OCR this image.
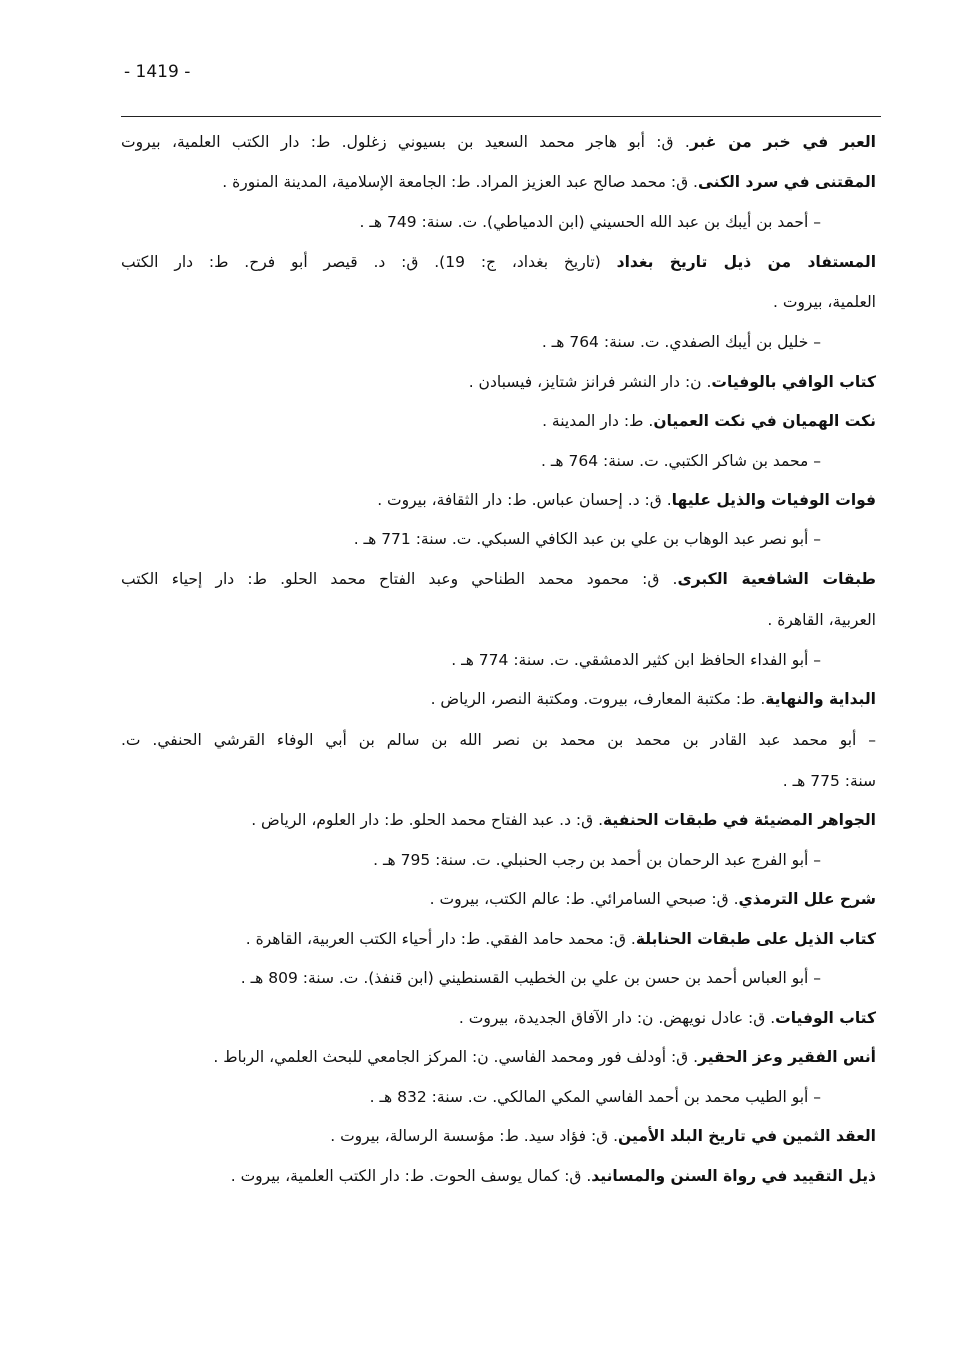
- 1419 -
العبر في خبر من غبر. ق: أبو هاجر محمد السعيد بن بسيوني زغلول. ط: دار الكتب العلمية، بيروت
المقتنى في سرد الكنى. ق: محمد صالح عبد العزيز المراد. ط: الجامعة الإسلامية، المدينة المنورة .
– أحمد بن أيبك بن عبد الله الحسيني (ابن الدمياطي). ت. سنة: 749 هـ .
المستفاد من ذيل تاريخ بغداد (تاريخ بغداد، ج: 19). ق: د. قيصر أبو فرح. ط: دار الكتب
العلمية، بيروت .
– خليل بن أيبك الصفدي. ت. سنة: 764 هـ .
كتاب الوافي بالوفيات. ن: دار النشر فرانز شتايز، فيسبادن .
نكت الهميان في نكت العميان. ط: دار المدينة .
– محمد بن شاكر الكتبي. ت. سنة: 764 هـ .
فوات الوفيات والذيل عليها. ق: د. إحسان عباس. ط: دار الثقافة، بيروت .
– أبو نصر عبد الوهاب بن علي بن عبد الكافي السبكي. ت. سنة: 771 هـ .
طبقات الشافعية الكبرى. ق: محمود محمد الطناحي وعبد الفتاح محمد الحلو. ط: دار إحياء الكتب
العربية، القاهرة .
– أبو الفداء الحافظ ابن كثير الدمشقي. ت. سنة: 774 هـ .
البداية والنهاية. ط: مكتبة المعارف، بيروت. ومكتبة النصر، الرياض .
– أبو محمد عبد القادر بن محمد بن محمد بن نصر الله بن سالم بن أبي الوفاء القرشي الحنفي. ت.
سنة: 775 هـ .
الجواهر المضيئة في طبقات الحنفية. ق: د. عبد الفتاح محمد الحلو. ط: دار العلوم، الرياض .
– أبو الفرج عبد الرحمان بن أحمد بن رجب الحنبلي. ت. سنة: 795 هـ .
شرح علل الترمذي. ق: صبحي السامرائي. ط: عالم الكتب، بيروت .
كتاب الذيل على طبقات الحنابلة. ق: محمد حامد الفقي. ط: دار أحياء الكتب العربية، القاهرة .
– أبو العباس أحمد بن حسن بن علي بن الخطيب القسنطيني (ابن قنفذ). ت. سنة: 809 هـ .
كتاب الوفيات. ق: عادل نويهض. ن: دار الآفاق الجديدة، بيروت .
أنس الفقير وعز الحقير. ق: أودلف فور ومحمد الفاسي. ن: المركز الجامعي للبحث العلمي، الرباط .
– أبو الطيب محمد بن أحمد الفاسي المكي المالكي. ت. سنة: 832 هـ .
العقد الثمين في تاريخ البلد الأمين. ق: فؤاد سيد. ط: مؤسسة الرسالة، بيروت .
ذيل التقييد في رواة السنن والمسانيد. ق: كمال يوسف الحوت. ط: دار الكتب العلمية، بيروت .
